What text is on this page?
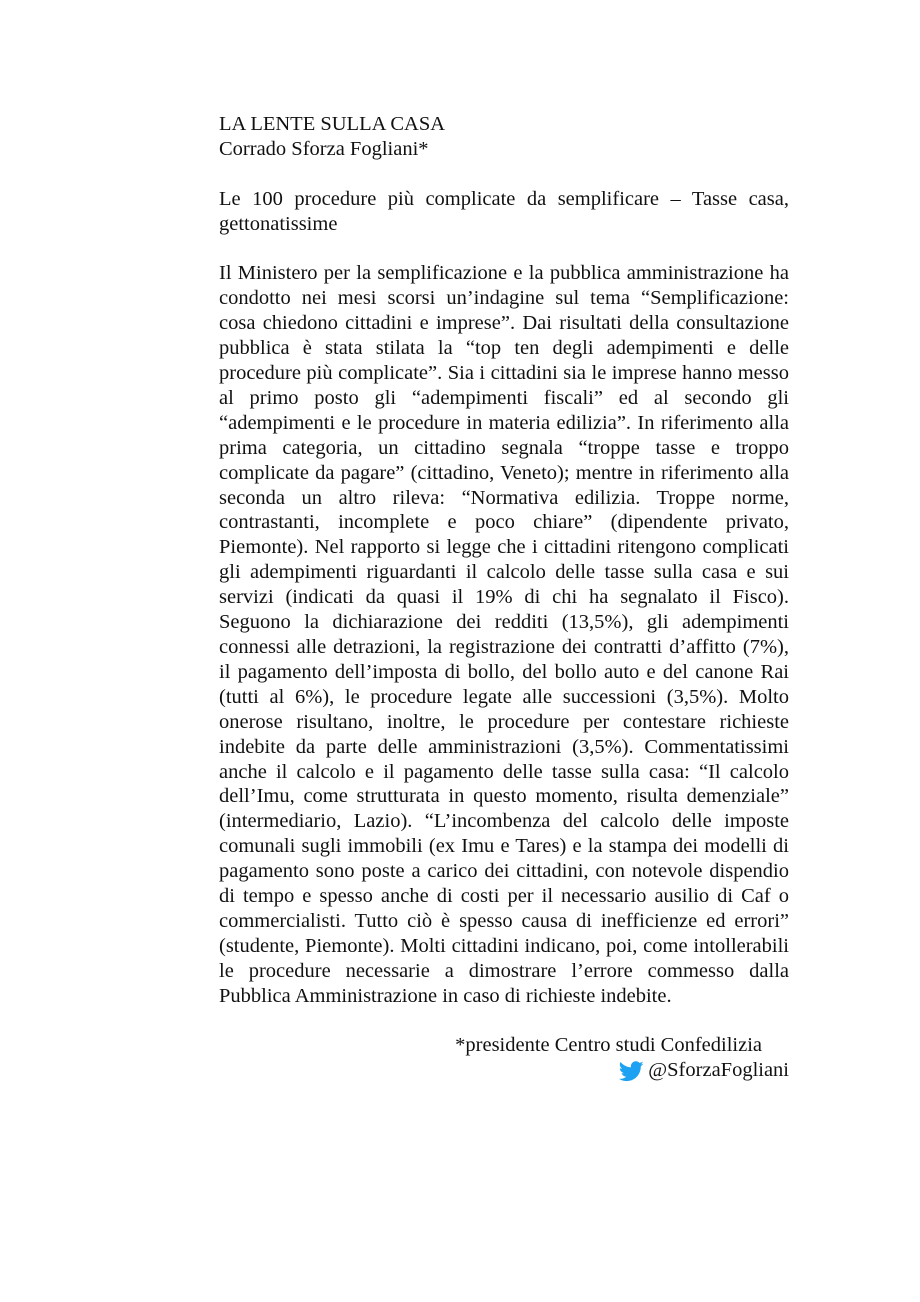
LA LENTE SULLA CASA
Corrado Sforza Fogliani*
Le 100 procedure più complicate da semplificare – Tasse casa, gettonatissime
Il Ministero per la semplificazione e la pubblica amministrazione ha condotto nei mesi scorsi un’indagine sul tema “Semplificazione: cosa chiedono cittadini e imprese”. Dai risultati della consultazione pubblica è stata stilata la “top ten degli adempimenti e delle procedure più complicate”. Sia i cittadini sia le imprese hanno messo al primo posto gli “adempimenti fiscali” ed al secondo gli “adempimenti e le procedure in materia edilizia”. In riferimento alla prima categoria, un cittadino segnala “troppe tasse e troppo complicate da pagare” (cittadino, Veneto); mentre in riferimento alla seconda un altro rileva: “Normativa edilizia. Troppe norme, contrastanti, incomplete e poco chiare” (dipendente privato, Piemonte). Nel rapporto si legge che i cittadini ritengono complicati gli adempimenti riguardanti il calcolo delle tasse sulla casa e sui servizi (indicati da quasi il 19% di chi ha segnalato il Fisco). Seguono la dichiarazione dei redditi (13,5%), gli adempimenti connessi alle detrazioni, la registrazione dei contratti d’affitto (7%), il pagamento dell’imposta di bollo, del bollo auto e del canone Rai (tutti al 6%), le procedure legate alle successioni (3,5%). Molto onerose risultano, inoltre, le procedure per contestare richieste indebite da parte delle amministrazioni (3,5%). Commentatissimi anche il calcolo e il pagamento delle tasse sulla casa: “Il calcolo dell’Imu, come strutturata in questo momento, risulta demenziale” (intermediario, Lazio). “L’incombenza del calcolo delle imposte comunali sugli immobili (ex Imu e Tares) e la stampa dei modelli di pagamento sono poste a carico dei cittadini, con notevole dispendio di tempo e spesso anche di costi per il necessario ausilio di Caf o commercialisti. Tutto ciò è spesso causa di inefficienze ed errori” (studente, Piemonte). Molti cittadini indicano, poi, come intollerabili le procedure necessarie a dimostrare l’errore commesso dalla Pubblica Amministrazione in caso di richieste indebite.
*presidente Centro studi Confedilizia
@SforzaFogliani
